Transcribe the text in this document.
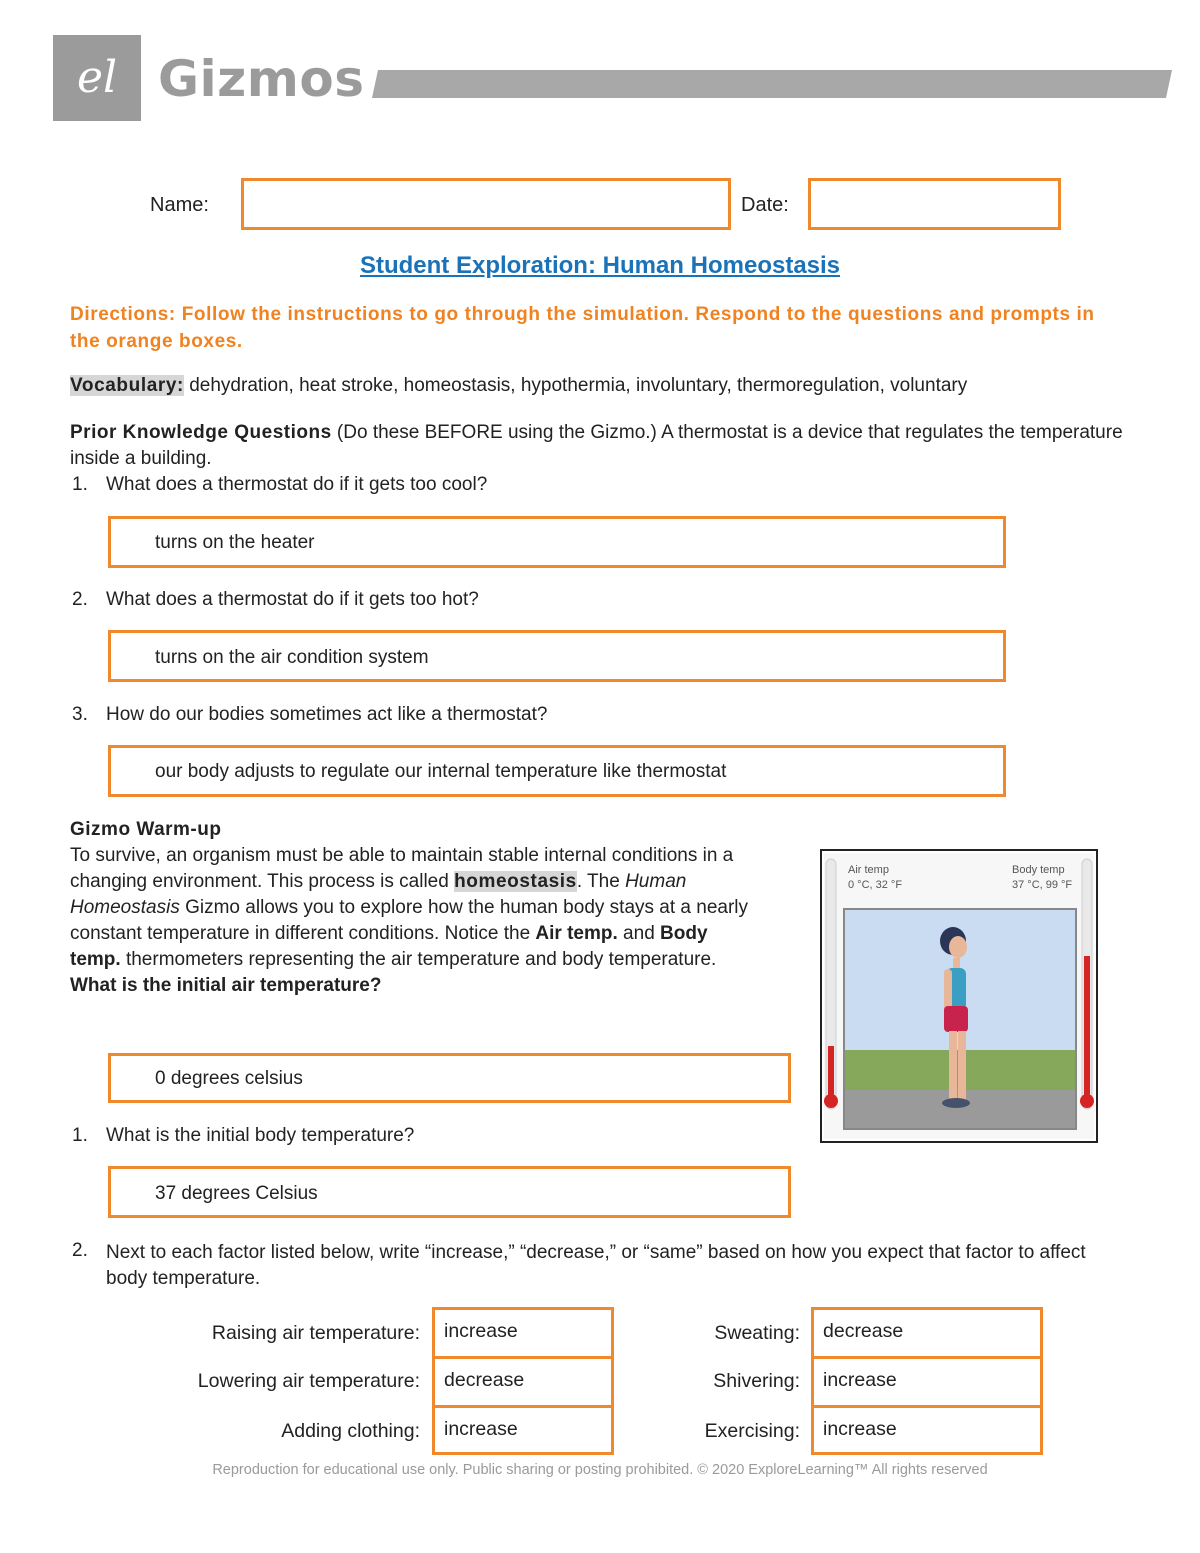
el Gizmos
Name:	Date:
Student Exploration: Human Homeostasis
Directions: Follow the instructions to go through the simulation. Respond to the questions and prompts in the orange boxes.
Vocabulary: dehydration, heat stroke, homeostasis, hypothermia, involuntary, thermoregulation, voluntary
Prior Knowledge Questions (Do these BEFORE using the Gizmo.) A thermostat is a device that regulates the temperature inside a building.
1. What does a thermostat do if it gets too cool?
turns on the heater
2. What does a thermostat do if it gets too hot?
turns on the air condition system
3. How do our bodies sometimes act like a thermostat?
our body adjusts to regulate our internal temperature like thermostat
Gizmo Warm-up
To survive, an organism must be able to maintain stable internal conditions in a changing environment. This process is called homeostasis. The Human Homeostasis Gizmo allows you to explore how the human body stays at a nearly constant temperature in different conditions. Notice the Air temp. and Body temp. thermometers representing the air temperature and body temperature.
What is the initial air temperature?
0 degrees celsius
1. What is the initial body temperature?
37 degrees Celsius
2. Next to each factor listed below, write “increase,” “decrease,” or “same” based on how you expect that factor to affect body temperature.
Air temp
0 °C, 32 °F
Body temp
37 °C, 99 °F
Raising air temperature:	increase
Lowering air temperature:	decrease
Adding clothing:	increase
Sweating:	decrease
Shivering:	increase
Exercising:	increase
Reproduction for educational use only. Public sharing or posting prohibited. © 2020 ExploreLearning™ All rights reserved
